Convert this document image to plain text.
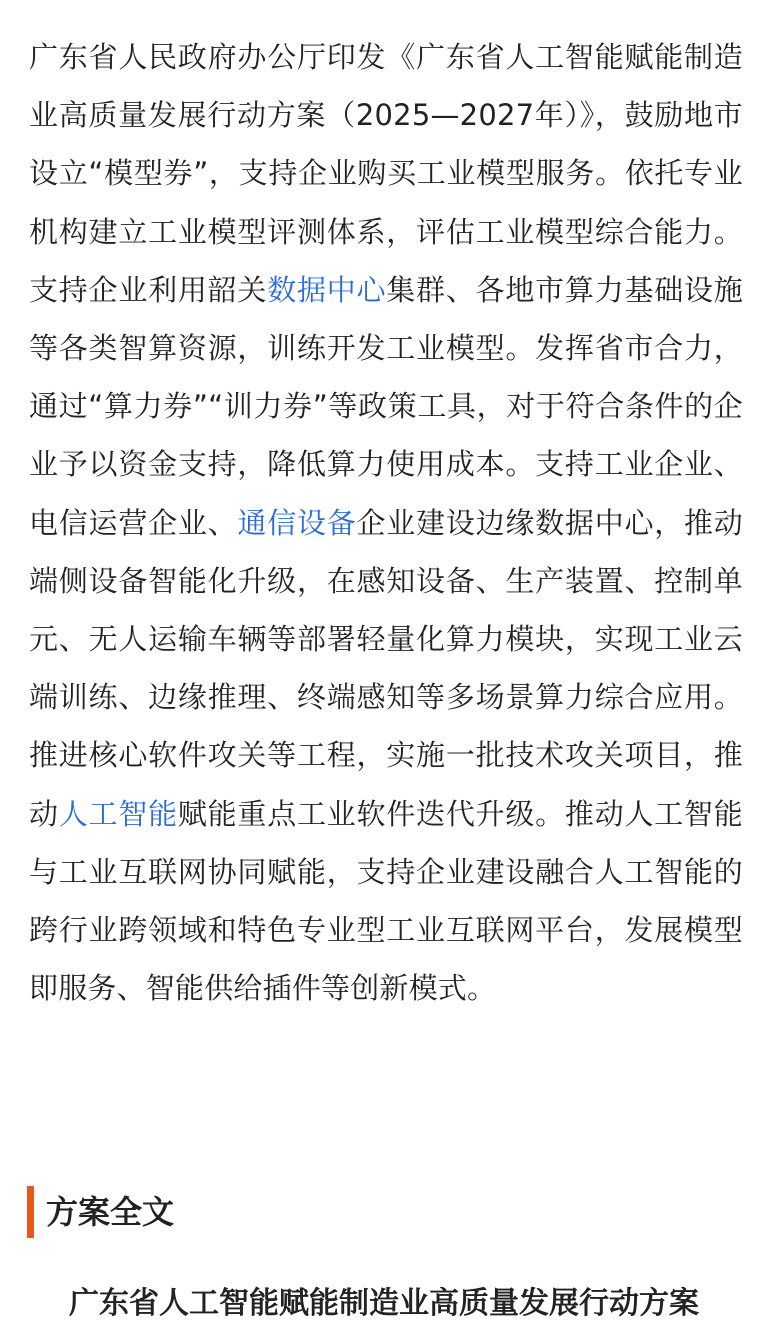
广东省人民政府办公厅印发《广东省人工智能赋能制造业高质量发展行动方案（2025—2027年）》，鼓励地市设立“模型券”，支持企业购买工业模型服务。依托专业机构建立工业模型评测体系，评估工业模型综合能力。支持企业利用韶关数据中心集群、各地市算力基础设施等各类智算资源，训练开发工业模型。发挥省市合力，通过“算力券”“训力券”等政策工具，对于符合条件的企业予以资金支持，降低算力使用成本。支持工业企业、电信运营企业、通信设备企业建设边缘数据中心，推动端侧设备智能化升级，在感知设备、生产装置、控制单元、无人运输车辆等部署轻量化算力模块，实现工业云端训练、边缘推理、终端感知等多场景算力综合应用。推进核心软件攻关等工程，实施一批技术攻关项目，推动人工智能赋能重点工业软件迭代升级。推动人工智能与工业互联网协同赋能，支持企业建设融合人工智能的跨行业跨领域和特色专业型工业互联网平台，发展模型即服务、智能供给插件等创新模式。

方案全文
广东省人工智能赋能制造业高质量发展行动方案
